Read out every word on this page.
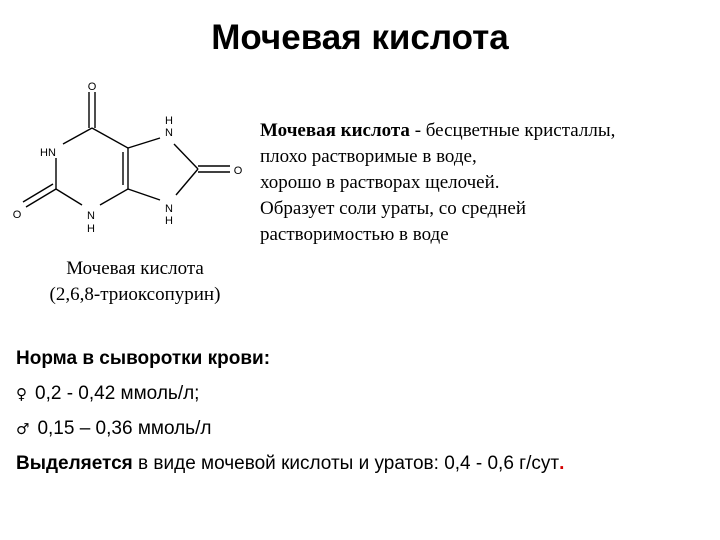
Мочевая кислота
O
HN
O	N
H
H
N
O
N
H
Мочевая кислота
(2,6,8-триоксопурин)
Мочевая кислота - бесцветные кристаллы,
плохо растворимые в воде,
хорошо в растворах щелочей.
Образует соли ураты, со средней
растворимостью в воде
Норма в сыворотки крови:
♀ 0,2 - 0,42 ммоль/л;
♂ 0,15 – 0,36 ммоль/л
Выделяется в виде мочевой кислоты и уратов: 0,4 - 0,6 г/сут.
